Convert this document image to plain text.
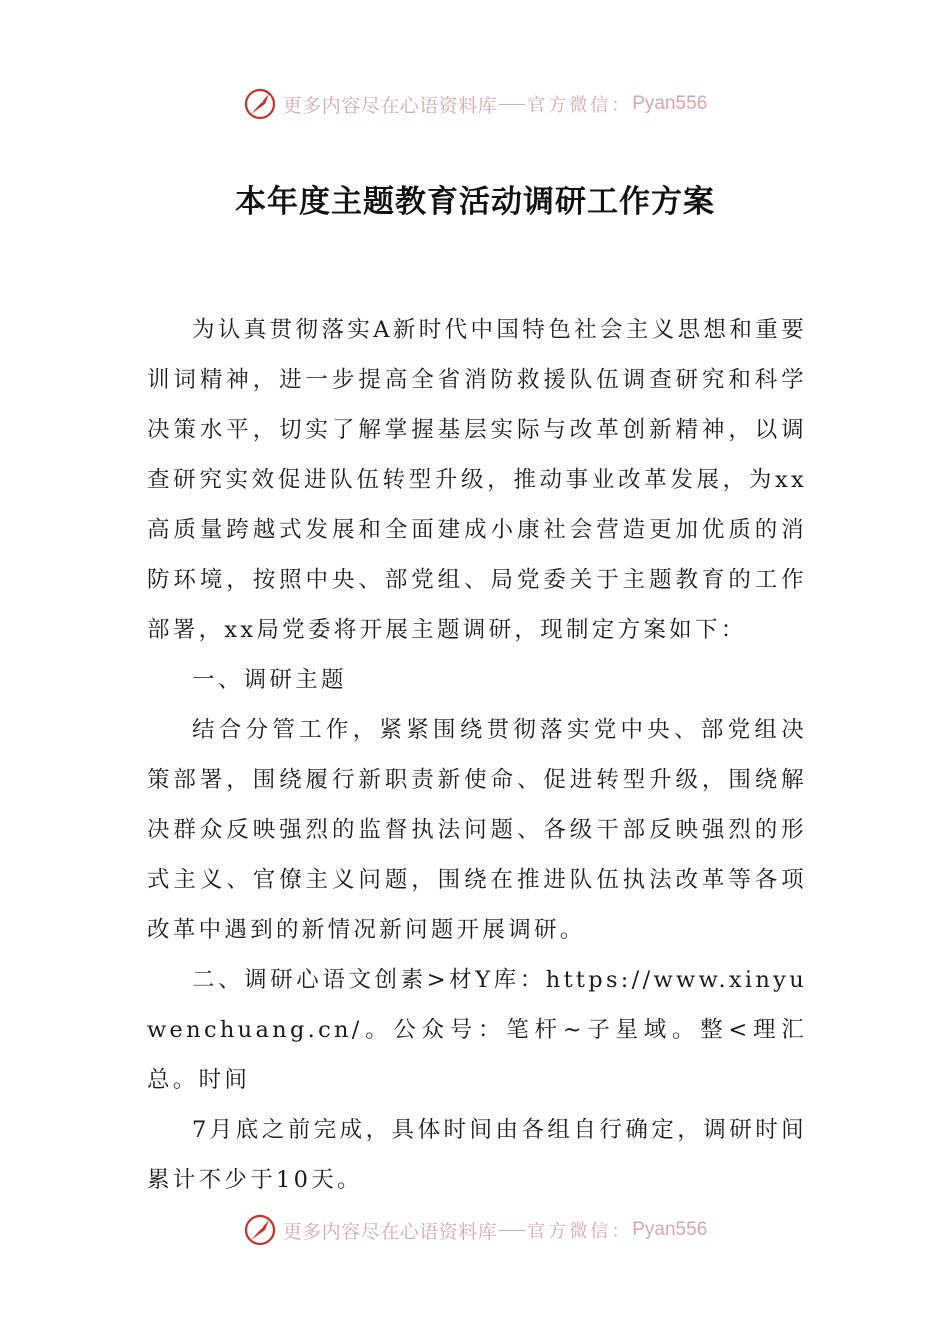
更多内容尽在心语资料库 官方微信： Pyan556
本年度主题教育活动调研工作方案

为认真贯彻落实A新时代中国特色社会主义思想和重要训词精神，进一步提高全省消防救援队伍调查研究和科学决策水平，切实了解掌握基层实际与改革创新精神，以调查研究实效促进队伍转型升级，推动事业改革发展，为xx高质量跨越式发展和全面建成小康社会营造更加优质的消防环境，按照中央、部党组、局党委关于主题教育的工作部署，xx局党委将开展主题调研，现制定方案如下：

一、调研主题

结合分管工作，紧紧围绕贯彻落实党中央、部党组决策部署，围绕履行新职责新使命、促进转型升级，围绕解决群众反映强烈的监督执法问题、各级干部反映强烈的形式主义、官僚主义问题，围绕在推进队伍执法改革等各项改革中遇到的新情况新问题开展调研。

二、调研心语文创素>材Y库：https://www.xinyuwenchuang.cn/。公众号：笔杆~子星域。整<理汇总。时间

7月底之前完成，具体时间由各组自行确定，调研时间累计不少于10天。

更多内容尽在心语资料库 官方微信： Pyan556
